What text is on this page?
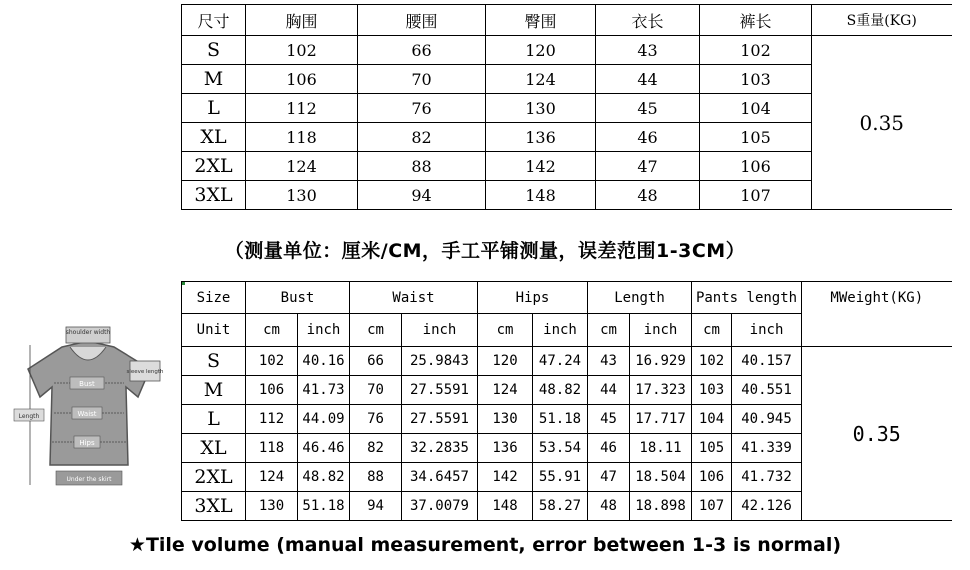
尺寸	胸围	腰围	臀围	衣长	裤长	S重量(KG)
S	102	66	120	43	102	0.35
M	106	70	124	44	103	
L	112	76	130	45	104	
XL	118	82	136	46	105	
2XL	124	88	142	47	106	
3XL	130	94	148	48	107	
（测量单位：厘米/CM，手工平铺测量，误差范围1-3CM）
shoulder width
sleeve length
Bust
Waist
Hips
Length
Under the skirt
Size	Bust		Waist		Hips		Length		Pants length		MWeight(KG)
Unit	cm	inch	cm	inch	cm	inch	cm	inch	cm	inch	
S	102	40.16	66	25.9843	120	47.24	43	16.929	102	40.157	0.35
M	106	41.73	70	27.5591	124	48.82	44	17.323	103	40.551	
L	112	44.09	76	27.5591	130	51.18	45	17.717	104	40.945	
XL	118	46.46	82	32.2835	136	53.54	46	18.11	105	41.339	
2XL	124	48.82	88	34.6457	142	55.91	47	18.504	106	41.732	
3XL	130	51.18	94	37.0079	148	58.27	48	18.898	107	42.126	
★Tile volume (manual measurement, error between 1-3 is normal)
